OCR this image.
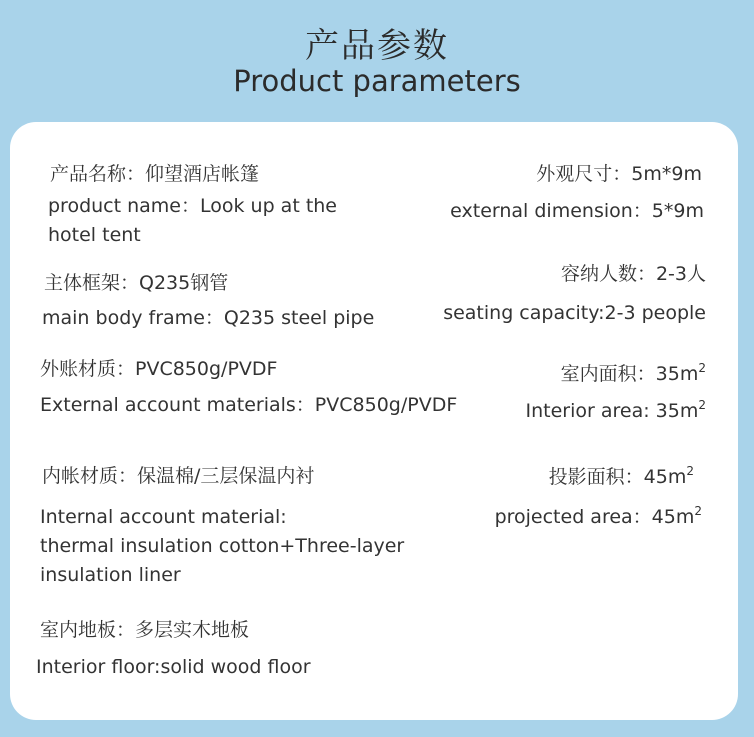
产品参数
Product parameters
产品名称：仰望酒店帐篷
product name：Look up at the
hotel tent
主体框架：Q235钢管
main body frame：Q235 steel pipe
外账材质：PVC850g/PVDF
External account materials：PVC850g/PVDF
内帐材质：保温棉/三层保温内衬
Internal account material:
thermal insulation cotton+Three-layer
insulation liner
室内地板：多层实木地板
Interior floor:solid wood floor
外观尺寸：5m*9m
external dimension：5*9m
容纳人数：2-3人
seating capacity:2-3 people
室内面积：$35m^2$
Interior area: $35m^2$
投影面积：$45m^2$
projected area：$45m^2$
